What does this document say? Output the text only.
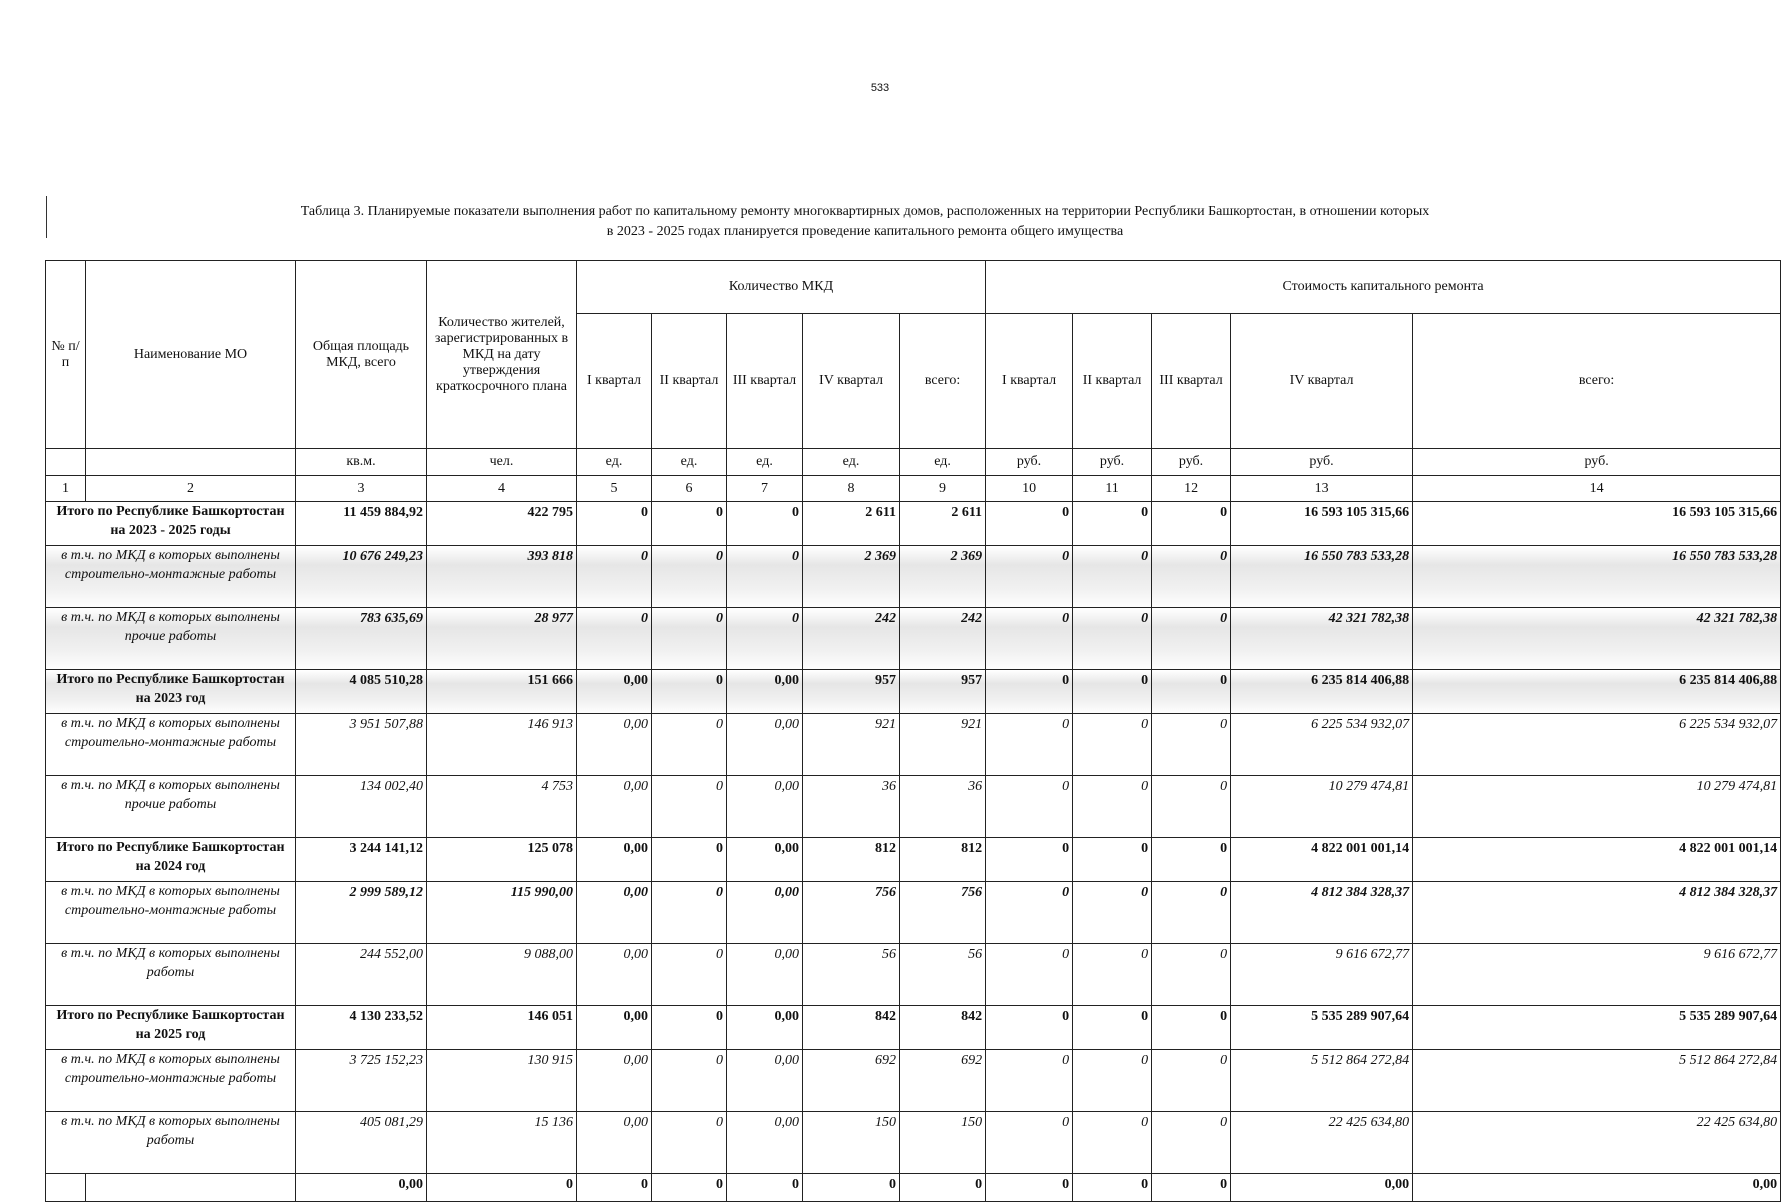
533
Таблица 3. Планируемые показатели выполнения работ по капитальному ремонту многоквартирных домов, расположенных на территории Республики Башкортостан, в отношении которых
в 2023 - 2025 годах планируется проведение капитального ремонта общего имущества
№ п/п	Наименование МО	Общая площадь МКД, всего	Количество жителей, зарегистрированных в МКД на дату утверждения краткосрочного плана	Количество МКД					Стоимость капитального ремонта				
				I квартал	II квартал	III квартал	IV квартал	всего:	I квартал	II квартал	III квартал	IV квартал	всего:
		кв.м.	чел.	ед.	ед.	ед.	ед.	ед.	руб.	руб.	руб.	руб.	руб.
1	2	3	4	5	6	7	8	9	10	11	12	13	14
Итого по Республике Башкортостан на 2023 - 2025 годы		11 459 884,92	422 795	0	0	0	2 611	2 611	0	0	0	16 593 105 315,66	16 593 105 315,66
в т.ч. по МКД в которых выполнены строительно-монтажные работы		10 676 249,23	393 818	0	0	0	2 369	2 369	0	0	0	16 550 783 533,28	16 550 783 533,28
в т.ч. по МКД в которых выполнены прочие работы		783 635,69	28 977	0	0	0	242	242	0	0	0	42 321 782,38	42 321 782,38
Итого по Республике Башкортостан на 2023 год		4 085 510,28	151 666	0,00	0	0,00	957	957	0	0	0	6 235 814 406,88	6 235 814 406,88
в т.ч. по МКД в которых выполнены строительно-монтажные работы		3 951 507,88	146 913	0,00	0	0,00	921	921	0	0	0	6 225 534 932,07	6 225 534 932,07
в т.ч. по МКД в которых выполнены прочие работы		134 002,40	4 753	0,00	0	0,00	36	36	0	0	0	10 279 474,81	10 279 474,81
Итого по Республике Башкортостан на 2024 год		3 244 141,12	125 078	0,00	0	0,00	812	812	0	0	0	4 822 001 001,14	4 822 001 001,14
в т.ч. по МКД в которых выполнены строительно-монтажные работы		2 999 589,12	115 990,00	0,00	0	0,00	756	756	0	0	0	4 812 384 328,37	4 812 384 328,37
в т.ч. по МКД в которых выполнены работы		244 552,00	9 088,00	0,00	0	0,00	56	56	0	0	0	9 616 672,77	9 616 672,77
Итого по Республике Башкортостан на 2025 год		4 130 233,52	146 051	0,00	0	0,00	842	842	0	0	0	5 535 289 907,64	5 535 289 907,64
в т.ч. по МКД в которых выполнены строительно-монтажные работы		3 725 152,23	130 915	0,00	0	0,00	692	692	0	0	0	5 512 864 272,84	5 512 864 272,84
в т.ч. по МКД в которых выполнены работы		405 081,29	15 136	0,00	0	0,00	150	150	0	0	0	22 425 634,80	22 425 634,80
		0,00	0	0	0	0	0	0	0	0	0	0,00	0,00
